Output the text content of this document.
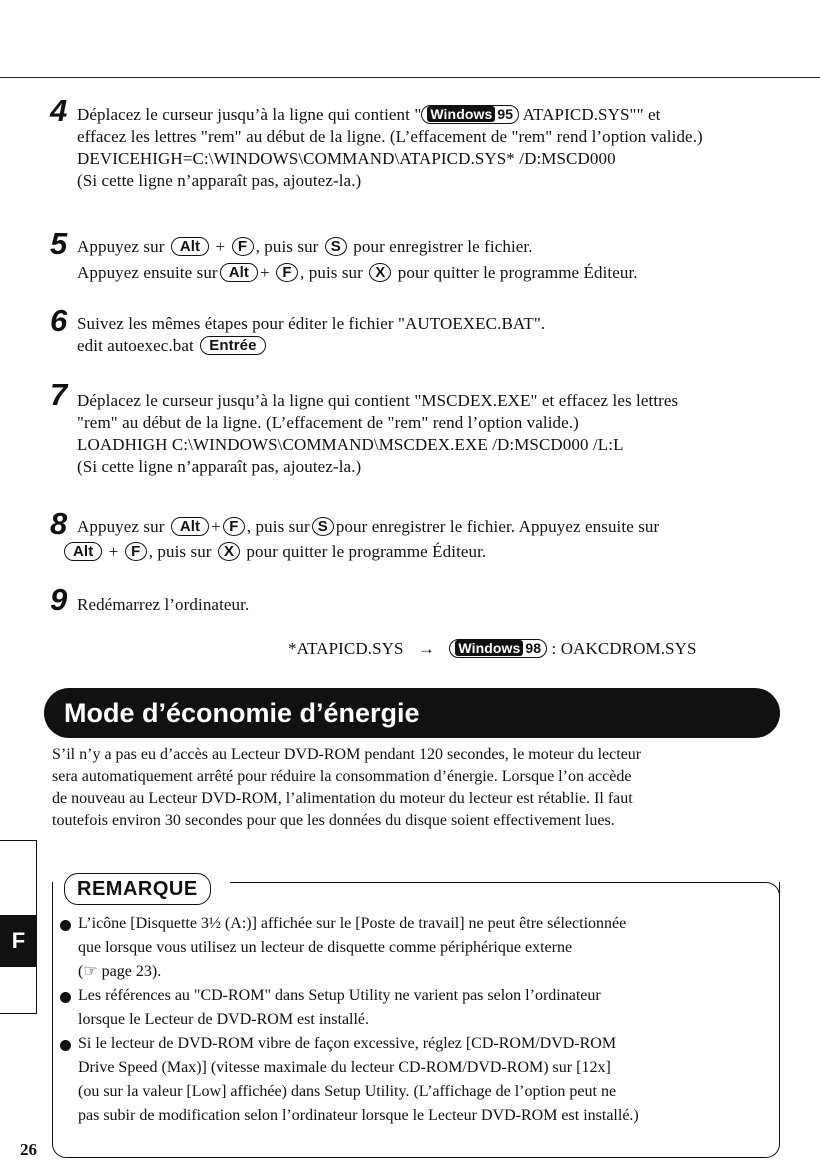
4 Déplacez le curseur jusqu’à la ligne qui contient " Windows 95 ATAPICD.SYS"" et
effacez les lettres "rem" au début de la ligne. (L’effacement de "rem" rend l’option valide.)
DEVICEHIGH=C:\WINDOWS\COMMAND\ATAPICD.SYS* /D:MSCD000
(Si cette ligne n’apparaît pas, ajoutez-la.)
5 Appuyez sur Alt + F , puis sur S pour enregistrer le fichier.
Appuyez ensuite sur Alt + F , puis sur X pour quitter le programme Éditeur.
6 Suivez les mêmes étapes pour éditer le fichier "AUTOEXEC.BAT".
edit autoexec.bat Entrée
7 Déplacez le curseur jusqu’à la ligne qui contient "MSCDEX.EXE" et effacez les lettres
"rem" au début de la ligne. (L’effacement de "rem" rend l’option valide.)
LOADHIGH C:\WINDOWS\COMMAND\MSCDEX.EXE /D:MSCD000 /L:L
(Si cette ligne n’apparaît pas, ajoutez-la.)
8 Appuyez sur Alt + F , puis sur S pour enregistrer le fichier. Appuyez ensuite sur
Alt + F , puis sur X pour quitter le programme Éditeur.
9 Redémarrez l’ordinateur.
*ATAPICD.SYS → Windows 98 : OAKCDROM.SYS
Mode d’économie d’énergie
S’il n’y a pas eu d’accès au Lecteur DVD-ROM pendant 120 secondes, le moteur du lecteur
sera automatiquement arrêté pour réduire la consommation d’énergie. Lorsque l’on accède
de nouveau au Lecteur DVD-ROM, l’alimentation du moteur du lecteur est rétablie. Il faut
toutefois environ 30 secondes pour que les données du disque soient effectivement lues.
F
REMARQUE
L’icône [Disquette 3½ (A:)] affichée sur le [Poste de travail] ne peut être sélectionnée
que lorsque vous utilisez un lecteur de disquette comme périphérique externe
(☞ page 23).
Les références au "CD-ROM" dans Setup Utility ne varient pas selon l’ordinateur
lorsque le Lecteur de DVD-ROM est installé.
Si le lecteur de DVD-ROM vibre de façon excessive, réglez [CD-ROM/DVD-ROM
Drive Speed (Max)] (vitesse maximale du lecteur CD-ROM/DVD-ROM) sur [12x]
(ou sur la valeur [Low] affichée) dans Setup Utility. (L’affichage de l’option peut ne
pas subir de modification selon l’ordinateur lorsque le Lecteur DVD-ROM est installé.)
26
